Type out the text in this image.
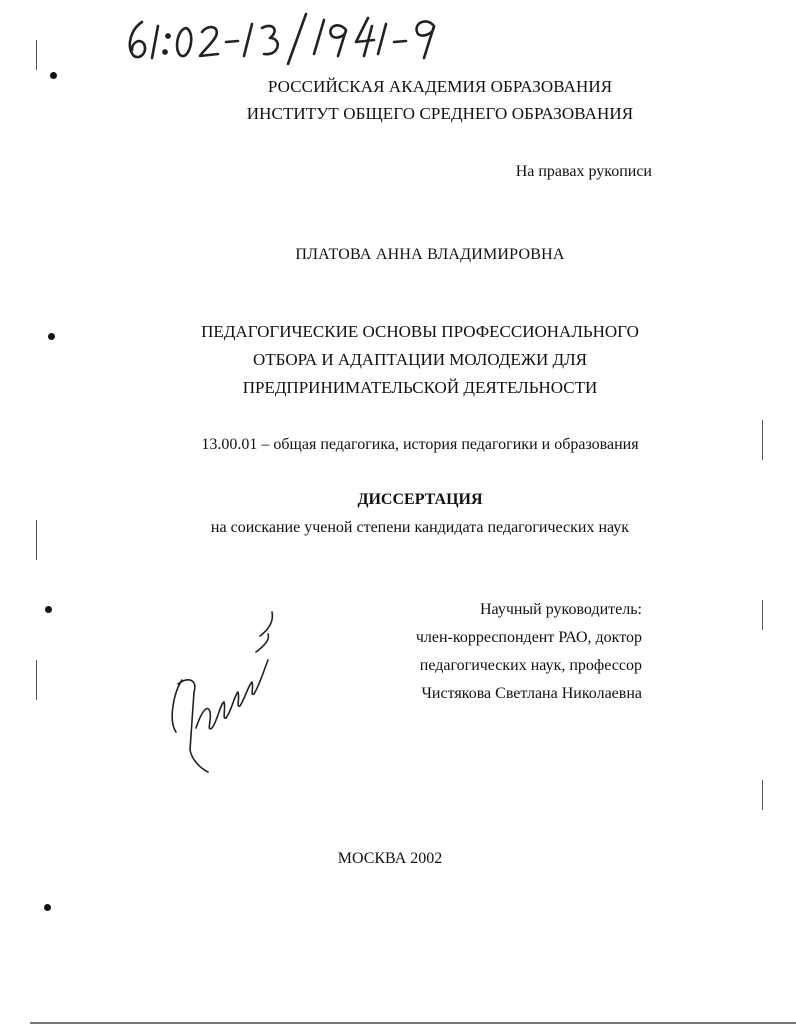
РОССИЙСКАЯ АКАДЕМИЯ ОБРАЗОВАНИЯ
ИНСТИТУТ ОБЩЕГО СРЕДНЕГО ОБРАЗОВАНИЯ
На правах рукописи
ПЛАТОВА АННА ВЛАДИМИРОВНА
ПЕДАГОГИЧЕСКИЕ ОСНОВЫ ПРОФЕССИОНАЛЬНОГО
ОТБОРА И АДАПТАЦИИ МОЛОДЕЖИ ДЛЯ
ПРЕДПРИНИМАТЕЛЬСКОЙ ДЕЯТЕЛЬНОСТИ
13.00.01 – общая педагогика, история педагогики и образования
ДИССЕРТАЦИЯ
на соискание ученой степени кандидата педагогических наук
Научный руководитель:
член-корреспондент РАО, доктор
педагогических наук, профессор
Чистякова Светлана Николаевна
МОСКВА 2002
